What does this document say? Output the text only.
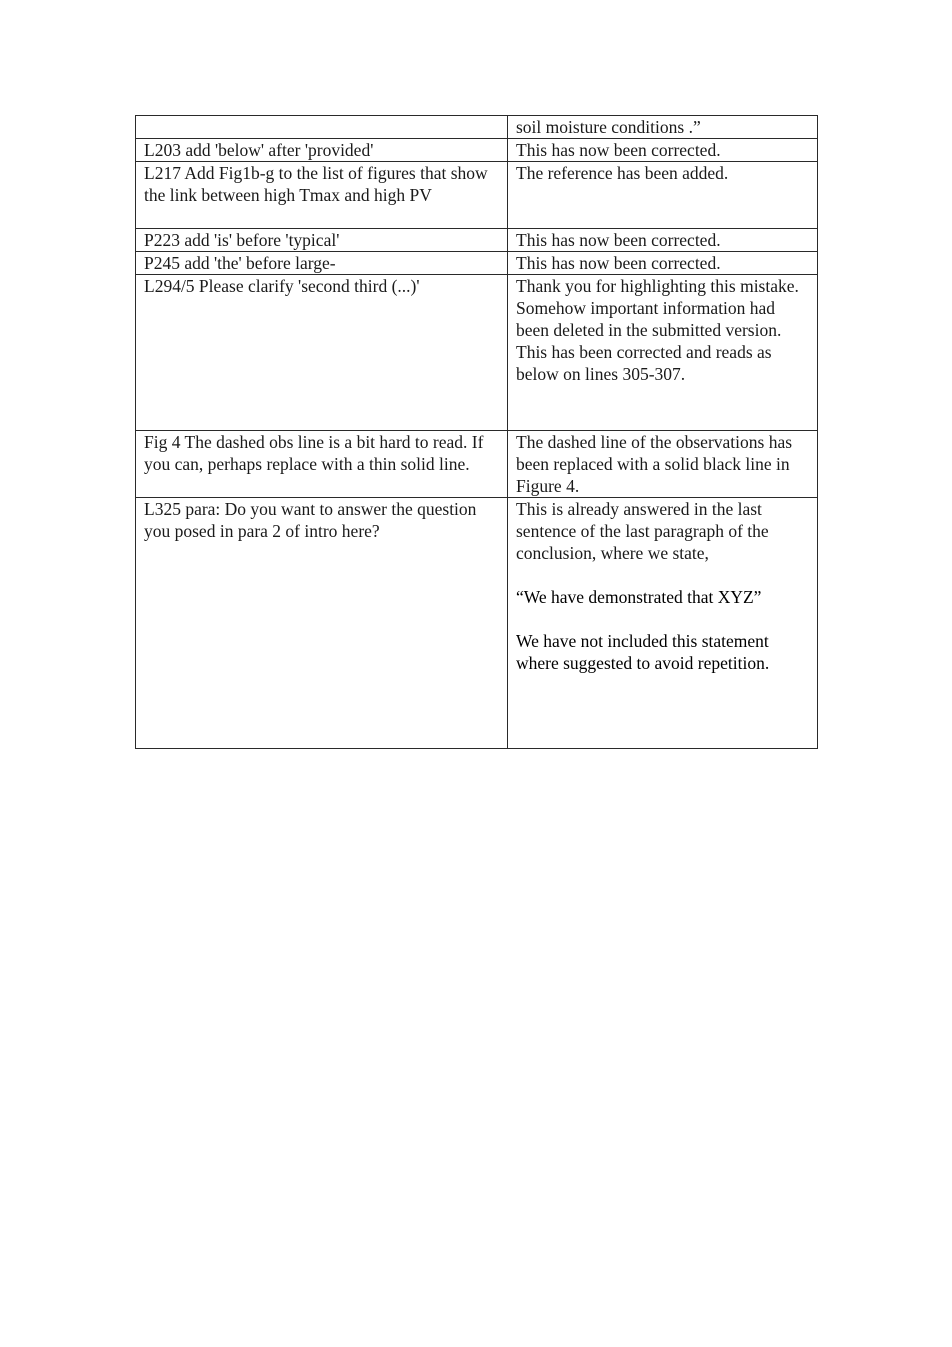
	soil moisture conditions .”

L203 add 'below' after 'provided'	This has now been corrected.

L217 Add Fig1b-g to the list of figures that show the link between high Tmax and high PV	The reference has been added.

P223 add 'is' before 'typical'	This has now been corrected.

P245 add 'the' before large-	This has now been corrected.

L294/5 Please clarify 'second third (...)'	Thank you for highlighting this mistake. Somehow important information had been deleted in the submitted version. This has been corrected and reads as below on lines 305-307.

Fig 4 The dashed obs line is a bit hard to read. If you can, perhaps replace with a thin solid line.	The dashed line of the observations has been replaced with a solid black line in Figure 4.

L325 para: Do you want to answer the question you posed in para 2 of intro here?	This is already answered in the last sentence of the last paragraph of the conclusion, where we state,
“We have demonstrated that XYZ”
We have not included this statement where suggested to avoid repetition.
